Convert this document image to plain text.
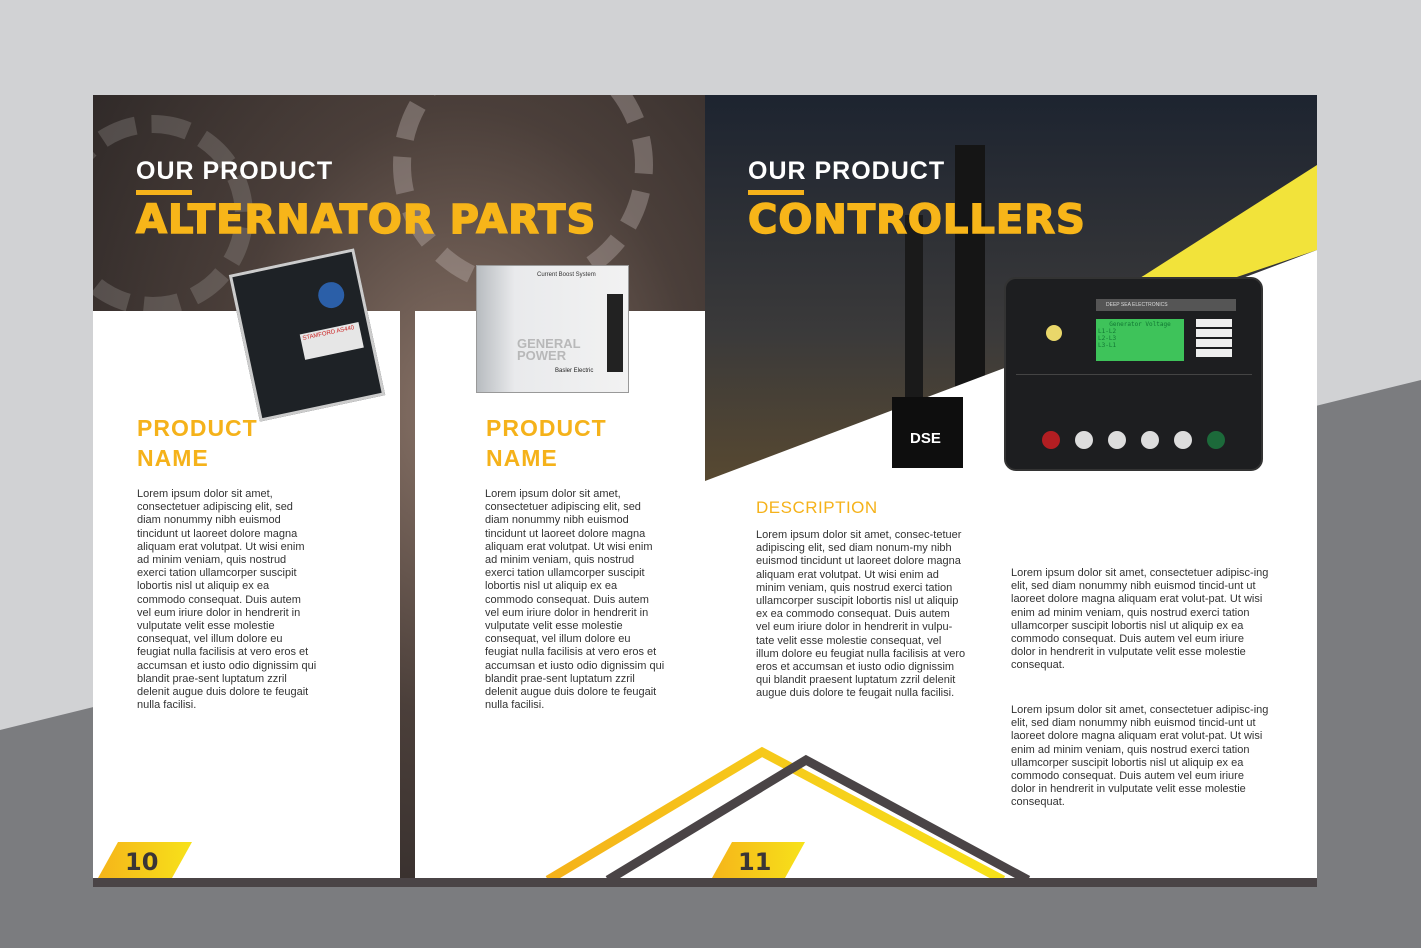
OUR PRODUCT
ALTERNATOR PARTS
STAMFORD AS440
Current Boost System
GENERAL POWER
Basler Electric
PRODUCT
NAME
Lorem ipsum dolor sit amet, consectetuer adipiscing elit, sed diam nonummy nibh euismod tincidunt ut laoreet dolore magna aliquam erat volutpat. Ut wisi enim ad minim veniam, quis nostrud exerci tation ullamcorper suscipit lobortis nisl ut aliquip ex ea commodo consequat. Duis autem vel eum iriure dolor in hendrerit in vulputate velit esse molestie consequat, vel illum dolore eu feugiat nulla facilisis at vero eros et accumsan et iusto odio dignissim qui blandit prae-sent luptatum zzril delenit augue duis dolore te feugait nulla facilisi.
PRODUCT
NAME
Lorem ipsum dolor sit amet, consectetuer adipiscing elit, sed diam nonummy nibh euismod tincidunt ut laoreet dolore magna aliquam erat volutpat. Ut wisi enim ad minim veniam, quis nostrud exerci tation ullamcorper suscipit lobortis nisl ut aliquip ex ea commodo consequat. Duis autem vel eum iriure dolor in hendrerit in vulputate velit esse molestie consequat, vel illum dolore eu feugiat nulla facilisis at vero eros et accumsan et iusto odio dignissim qui blandit prae-sent luptatum zzril delenit augue duis dolore te feugait nulla facilisi.
OUR PRODUCT
CONTROLLERS
DSE
DEEP SEA ELECTRONICS
Generator Voltage
L1-L2
L2-L3
L3-L1
DESCRIPTION
Lorem ipsum dolor sit amet, consec-tetuer adipiscing elit, sed diam nonum-my nibh euismod tincidunt ut laoreet dolore magna aliquam erat volutpat. Ut wisi enim ad minim veniam, quis nostrud exerci tation ullamcorper suscipit lobortis nisl ut aliquip ex ea commodo consequat. Duis autem vel eum iriure dolor in hendrerit in vulpu-tate velit esse molestie consequat, vel illum dolore eu feugiat nulla facilisis at vero eros et accumsan et iusto odio dignissim qui blandit praesent luptatum zzril delenit augue duis dolore te feugait nulla facilisi.
Lorem ipsum dolor sit amet, consectetuer adipisc-ing elit, sed diam nonummy nibh euismod tincid-unt ut laoreet dolore magna aliquam erat volut-pat. Ut wisi enim ad minim veniam, quis nostrud exerci tation ullamcorper suscipit lobortis nisl ut aliquip ex ea commodo consequat. Duis autem vel eum iriure dolor in hendrerit in vulputate velit esse molestie consequat.
Lorem ipsum dolor sit amet, consectetuer adipisc-ing elit, sed diam nonummy nibh euismod tincid-unt ut laoreet dolore magna aliquam erat volut-pat. Ut wisi enim ad minim veniam, quis nostrud exerci tation ullamcorper suscipit lobortis nisl ut aliquip ex ea commodo consequat. Duis autem vel eum iriure dolor in hendrerit in vulputate velit esse molestie consequat.
10	11
